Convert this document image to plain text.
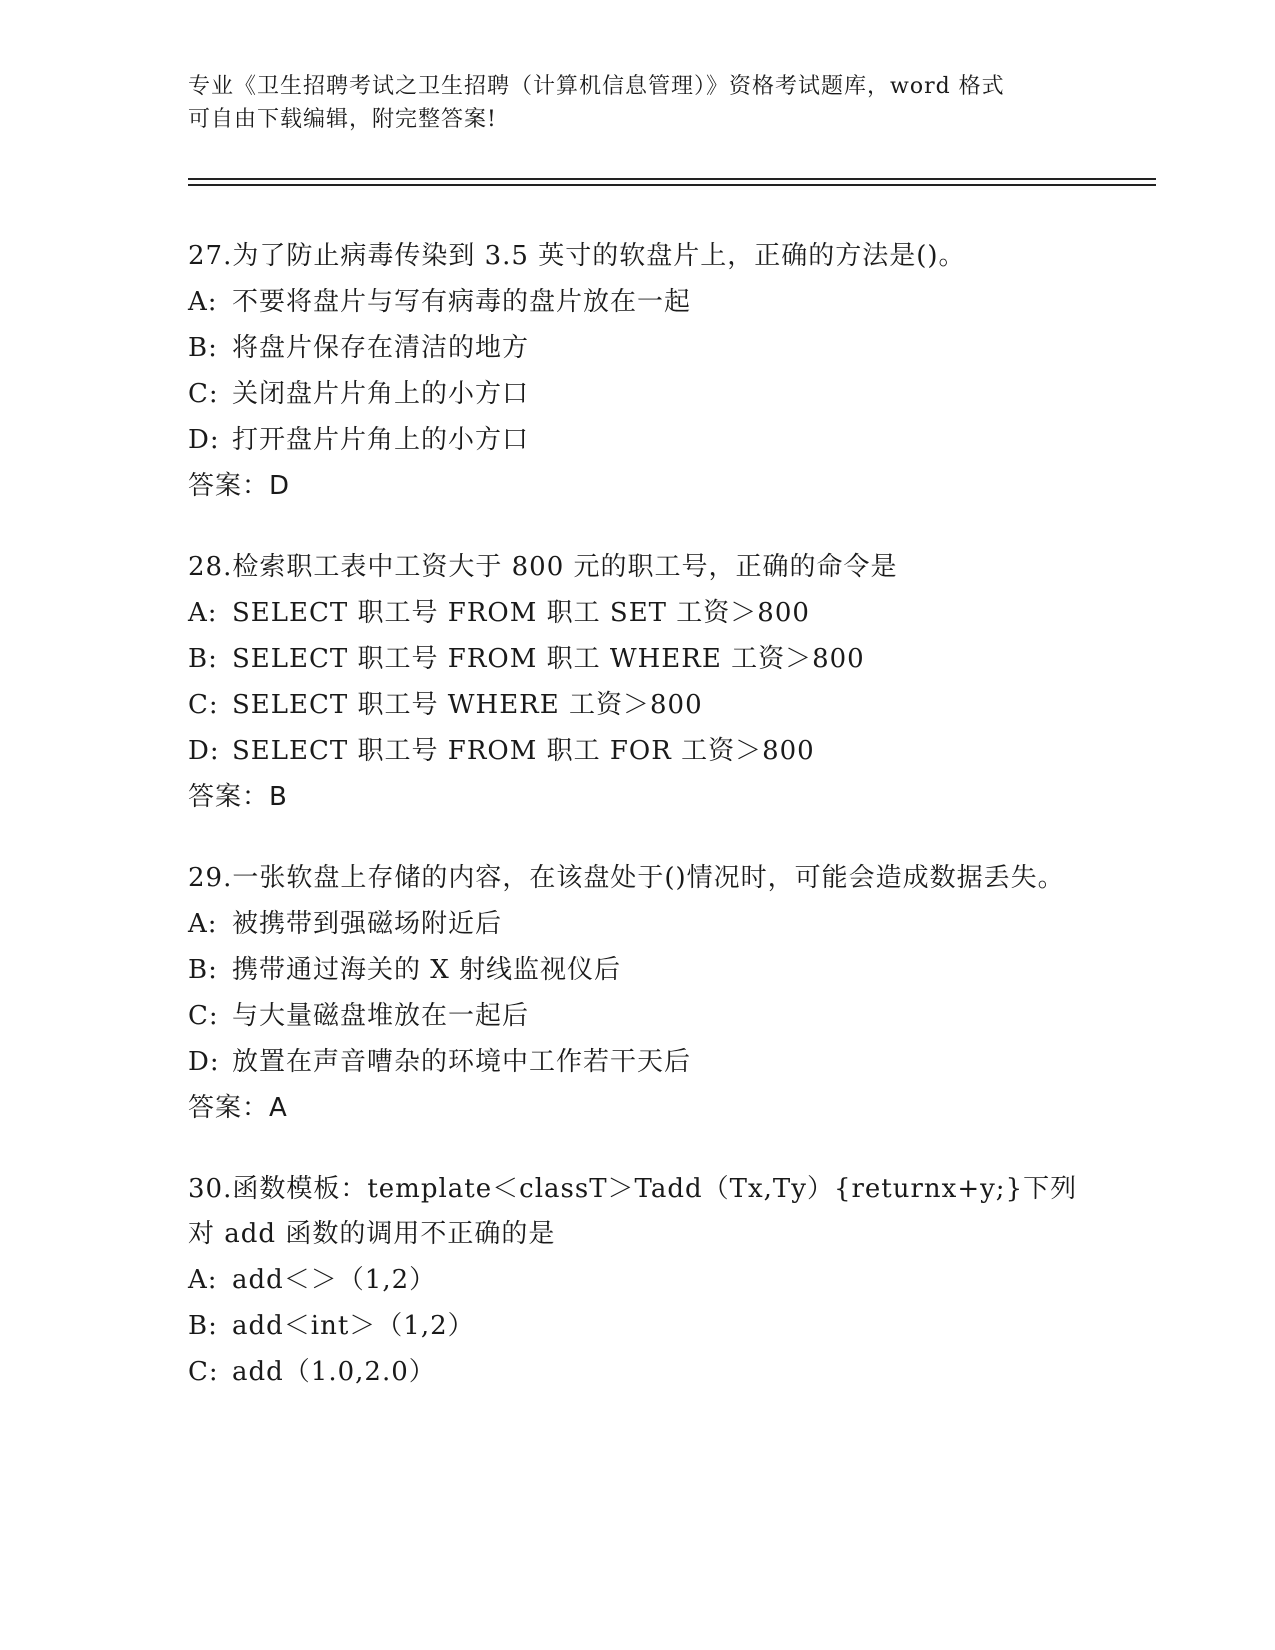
专业《卫生招聘考试之卫生招聘（计算机信息管理）》资格考试题库，word 格式
可自由下载编辑，附完整答案!
27.为了防止病毒传染到 3.5 英寸的软盘片上，正确的方法是()。
A: 不要将盘片与写有病毒的盘片放在一起
B: 将盘片保存在清洁的地方
C: 关闭盘片片角上的小方口
D: 打开盘片片角上的小方口
答案：D
28.检索职工表中工资大于 800 元的职工号，正确的命令是
A: SELECT 职工号 FROM 职工 SET 工资＞800
B: SELECT 职工号 FROM 职工 WHERE 工资＞800
C: SELECT 职工号 WHERE 工资＞800
D: SELECT 职工号 FROM 职工 FOR 工资＞800
答案：B
29.一张软盘上存储的内容，在该盘处于()情况时，可能会造成数据丢失。
A: 被携带到强磁场附近后
B: 携带通过海关的 X 射线监视仪后
C: 与大量磁盘堆放在一起后
D: 放置在声音嘈杂的环境中工作若干天后
答案：A
30.函数模板：template＜classT＞Tadd（Tx,Ty）{returnx+y;}下列对 add 函数的调用不正确的是
A: add＜＞（1,2）
B: add＜int＞（1,2）
C: add（1.0,2.0）
